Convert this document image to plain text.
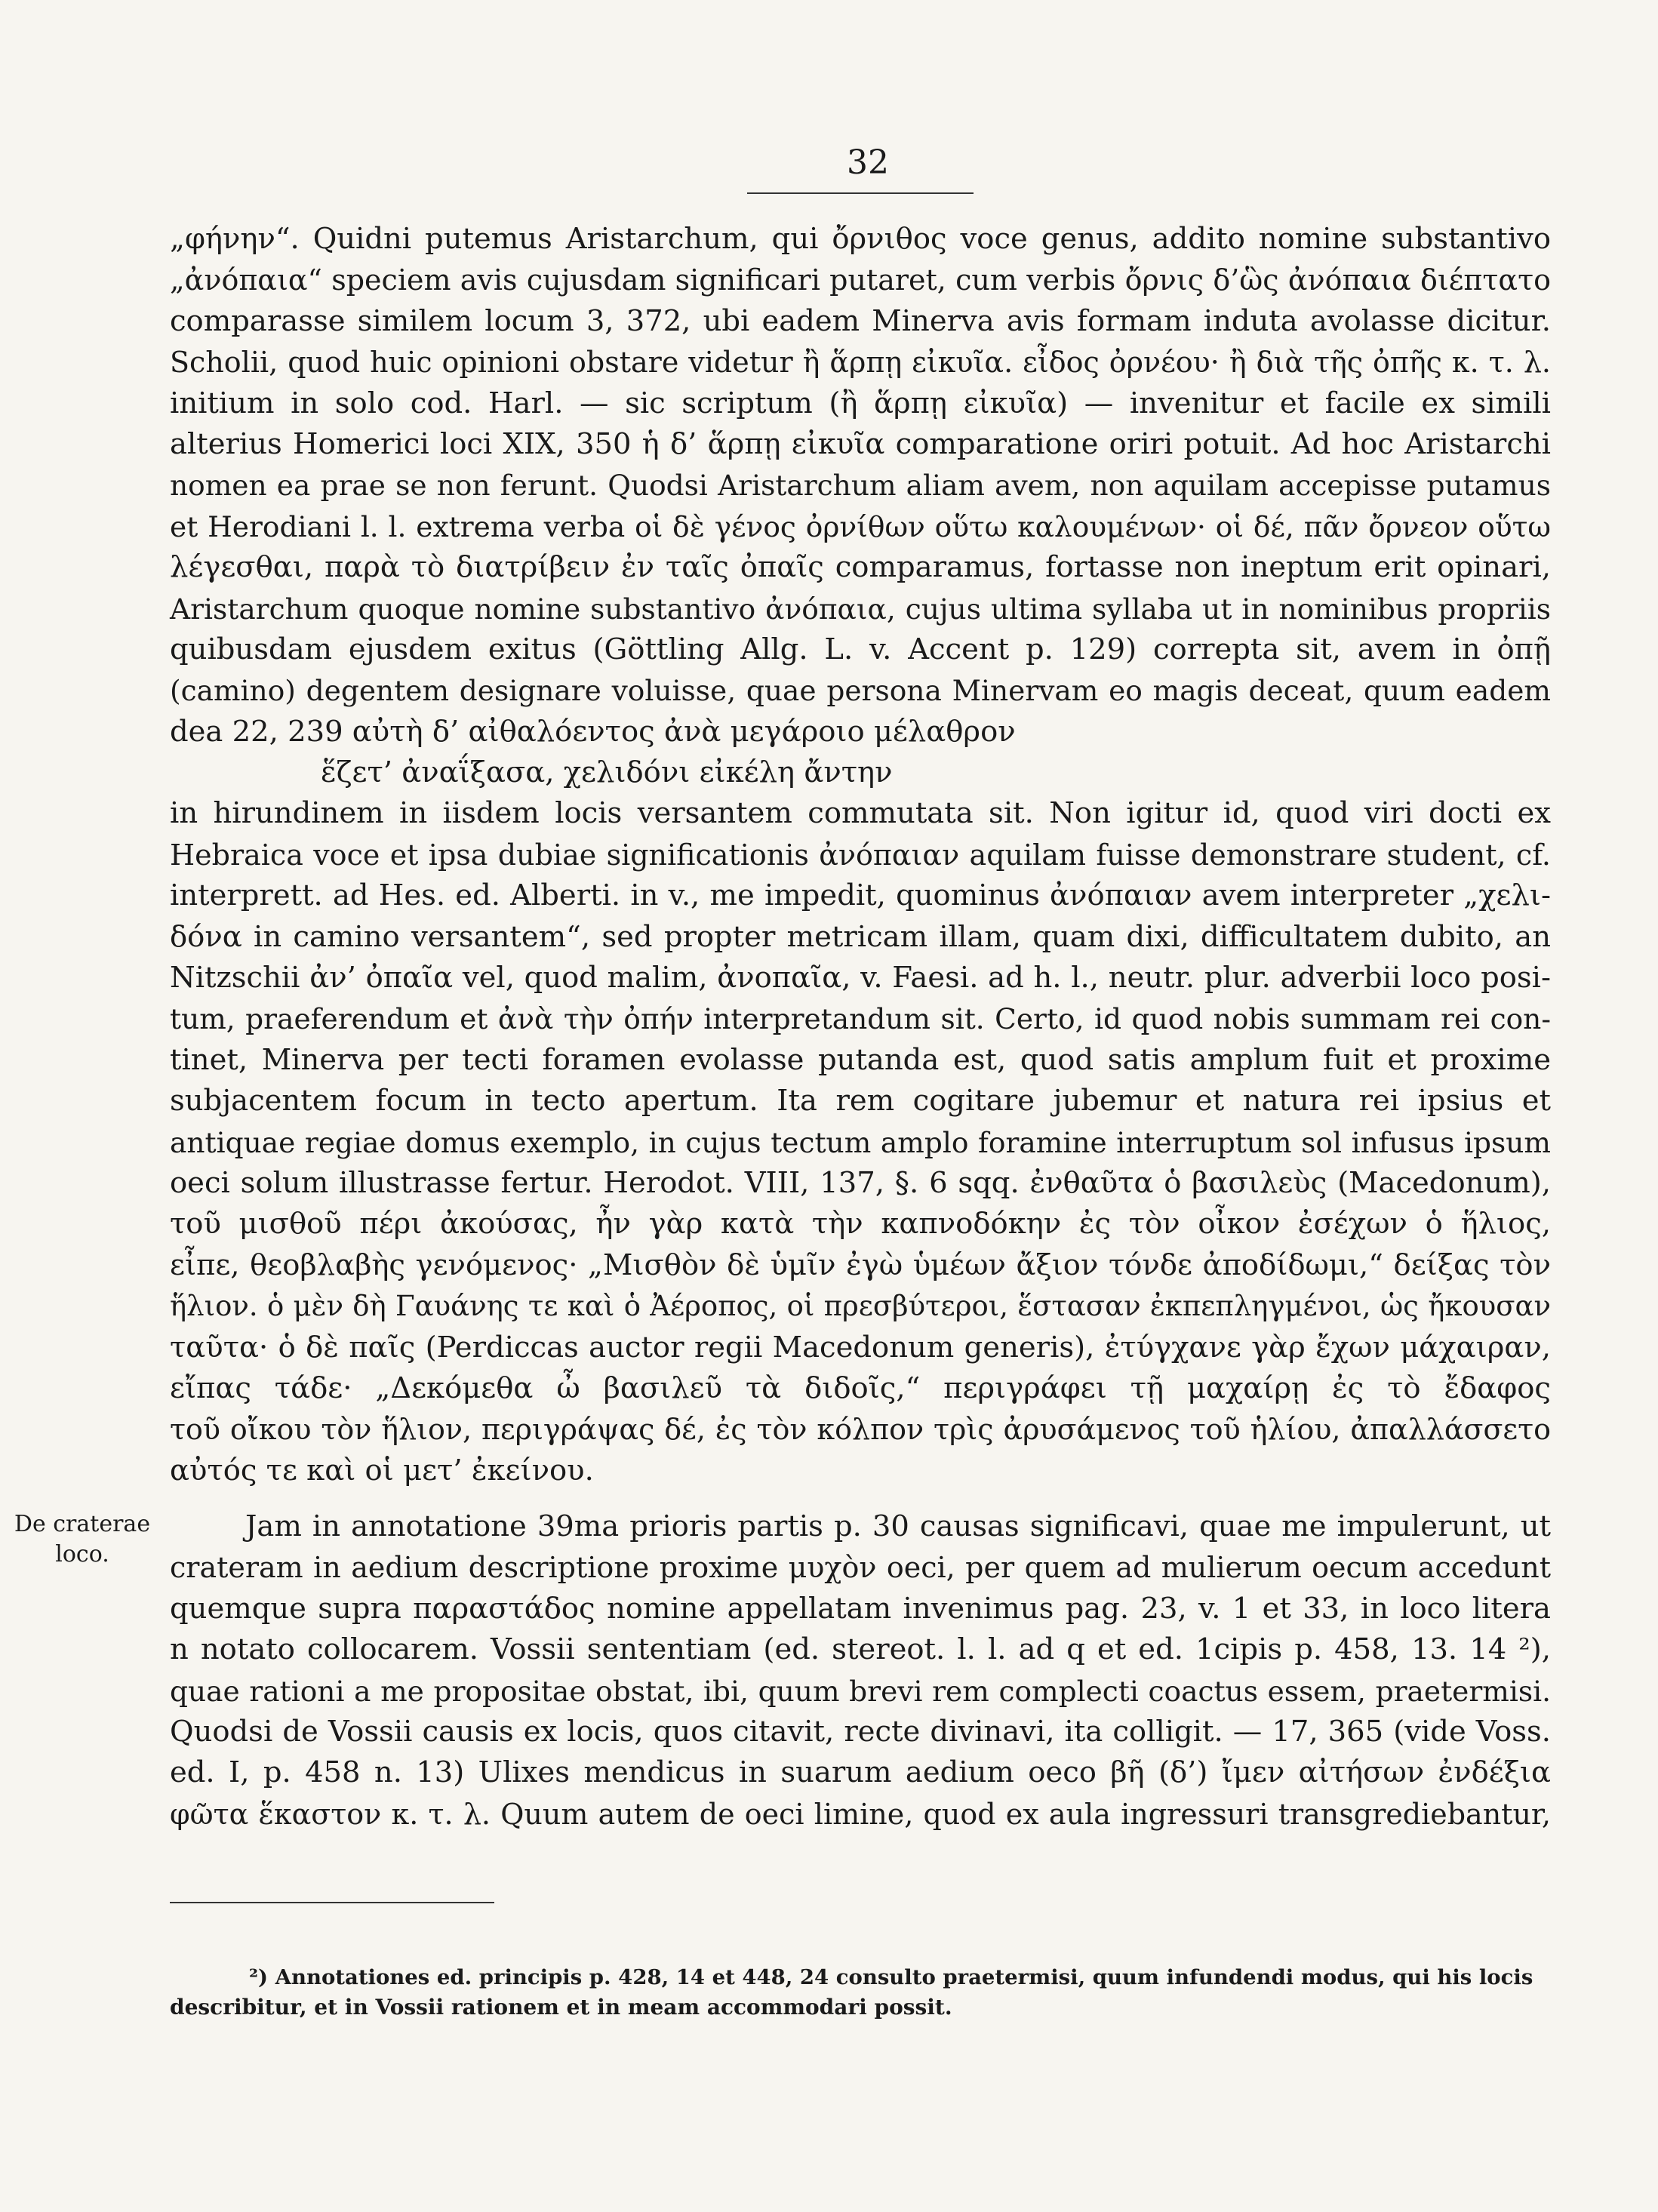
32
„φήνην“. Quidni putemus Aristarchum, qui ὄρνιθος voce genus, addito nomine substantivo
„ἀνόπαια“ speciem avis cujusdam significari putaret, cum verbis ὄρνις δ’ὣς ἀνόπαια διέπτατο
comparasse similem locum 3, 372, ubi eadem Minerva avis formam induta avolasse dicitur.
Scholii, quod huic opinioni obstare videtur ἢ ἅρπῃ εἰκυῖα. εἶδος ὀρνέου· ἢ διὰ τῆς ὀπῆς κ. τ. λ.
initium in solo cod. Harl. — sic scriptum (ἢ ἅρπῃ εἰκυῖα) — invenitur et facile ex simili
alterius Homerici loci XIX, 350 ἡ δ’ ἅρπῃ εἰκυῖα comparatione oriri potuit. Ad hoc Aristarchi
nomen ea prae se non ferunt. Quodsi Aristarchum aliam avem, non aquilam accepisse putamus
et Herodiani l. l. extrema verba οἱ δὲ γένος ὀρνίθων οὕτω καλουμένων· οἱ δέ, πᾶν ὄρνεον οὕτω
λέγεσθαι, παρὰ τὸ διατρίβειν ἐν ταῖς ὀπαῖς comparamus, fortasse non ineptum erit opinari,
Aristarchum quoque nomine substantivo ἀνόπαια, cujus ultima syllaba ut in nominibus propriis
quibusdam ejusdem exitus (Göttling Allg. L. v. Accent p. 129) correpta sit, avem in ὀπῇ
(camino) degentem designare voluisse, quae persona Minervam eo magis deceat, quum eadem
dea 22, 239 αὐτὴ δ’ αἰθαλόεντος ἀνὰ μεγάροιο μέλαθρον
ἕζετ’ ἀναΐξασα, χελιδόνι εἰκέλη ἄντην
in hirundinem in iisdem locis versantem commutata sit. Non igitur id, quod viri docti ex
Hebraica voce et ipsa dubiae significationis ἀνόπαιαν aquilam fuisse demonstrare student, cf.
interprett. ad Hes. ed. Alberti. in v., me impedit, quominus ἀνόπαιαν avem interpreter „χελι-
δόνα in camino versantem“, sed propter metricam illam, quam dixi, difficultatem dubito, an
Nitzschii ἀν’ ὀπαῖα vel, quod malim, ἀνοπαῖα, v. Faesi. ad h. l., neutr. plur. adverbii loco posi-
tum, praeferendum et ἀνὰ τὴν ὀπήν interpretandum sit. Certo, id quod nobis summam rei con-
tinet, Minerva per tecti foramen evolasse putanda est, quod satis amplum fuit et proxime
subjacentem focum in tecto apertum. Ita rem cogitare jubemur et natura rei ipsius et
antiquae regiae domus exemplo, in cujus tectum amplo foramine interruptum sol infusus ipsum
oeci solum illustrasse fertur. Herodot. VIII, 137, §. 6 sqq. ἐνθαῦτα ὁ βασιλεὺς (Macedonum),
τοῦ μισθοῦ πέρι ἀκούσας, ἦν γὰρ κατὰ τὴν καπνοδόκην ἐς τὸν οἶκον ἐσέχων ὁ ἥλιος,
εἶπε, θεοβλαβὴς γενόμενος· „Μισθὸν δὲ ὑμῖν ἐγὼ ὑμέων ἄξιον τόνδε ἀποδίδωμι,“ δείξας τὸν
ἥλιον. ὁ μὲν δὴ Γαυάνης τε καὶ ὁ Ἀέροπος, οἱ πρεσβύτεροι, ἕστασαν ἐκπεπληγμένοι, ὡς ἤκουσαν
ταῦτα· ὁ δὲ παῖς (Perdiccas auctor regii Macedonum generis), ἐτύγχανε γὰρ ἔχων μάχαιραν,
εἴπας τάδε· „Δεκόμεθα ὦ βασιλεῦ τὰ διδοῖς,“ περιγράφει τῇ μαχαίρῃ ἐς τὸ ἔδαφος
τοῦ οἴκου τὸν ἥλιον, περιγράψας δέ, ἐς τὸν κόλπον τρὶς ἀρυσάμενος τοῦ ἡλίου, ἀπαλλάσσετο
αὐτός τε καὶ οἱ μετ’ ἐκείνου.
De craterae
loco.
Jam in annotatione 39ma prioris partis p. 30 causas significavi, quae me impulerunt, ut
crateram in aedium descriptione proxime μυχὸν oeci, per quem ad mulierum oecum accedunt
quemque supra παραστάδος nomine appellatam invenimus pag. 23, v. 1 et 33, in loco litera
n notato collocarem. Vossii sententiam (ed. stereot. l. l. ad q et ed. 1cipis p. 458, 13. 14 ²),
quae rationi a me propositae obstat, ibi, quum brevi rem complecti coactus essem, praetermisi.
Quodsi de Vossii causis ex locis, quos citavit, recte divinavi, ita colligit. — 17, 365 (vide Voss.
ed. I, p. 458 n. 13) Ulixes mendicus in suarum aedium oeco βῆ (δ’) ἴμεν αἰτήσων ἐνδέξια
φῶτα ἕκαστον κ. τ. λ. Quum autem de oeci limine, quod ex aula ingressuri transgrediebantur,
²) Annotationes ed. principis p. 428, 14 et 448, 24 consulto praetermisi, quum infundendi modus, qui his locis
describitur, et in Vossii rationem et in meam accommodari possit.
